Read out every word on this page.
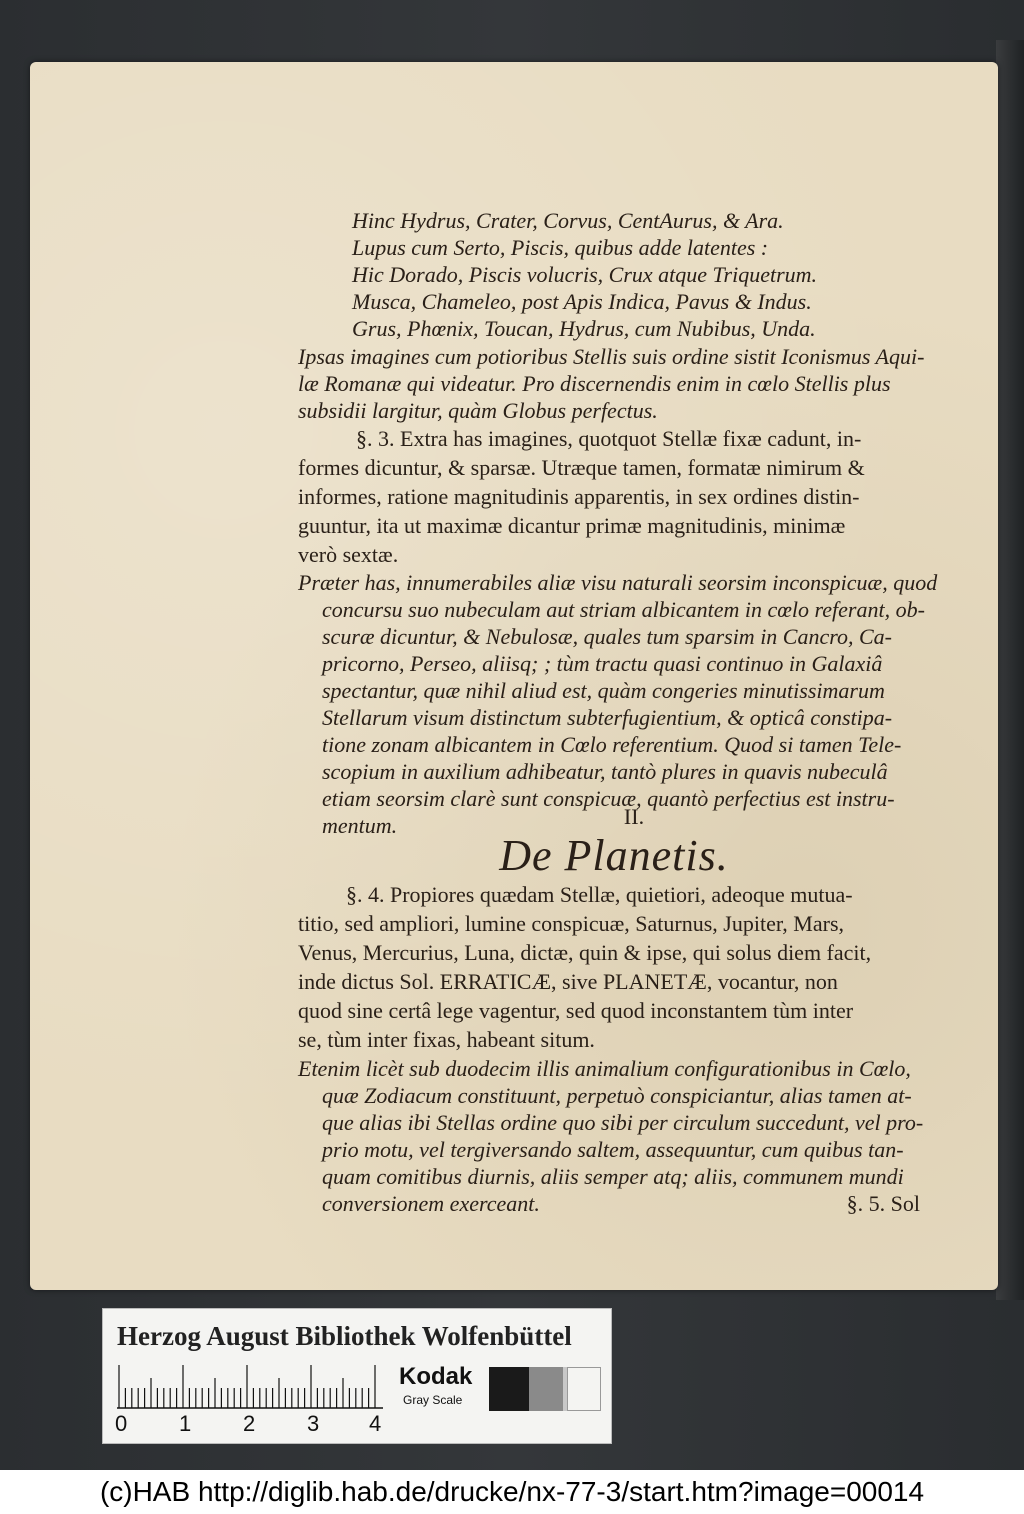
Hinc Hydrus, Crater, Corvus, CentAurus, & Ara.
Lupus cum Serto, Piscis, quibus adde latentes :
Hic Dorado, Piscis volucris, Crux atque Triquetrum.
Musca, Chameleo, post Apis Indica, Pavus & Indus.
Grus, Phœnix, Toucan, Hydrus, cum Nubibus, Unda.
Ipsas imagines cum potioribus Stellis suis ordine sistit Iconismus Aqui-
læ Romanæ qui videatur. Pro discernendis enim in cœlo Stellis plus
subsidii largitur, quàm Globus perfectus.
§. 3. Extra has imagines, quotquot Stellæ fixæ cadunt, in-
formes dicuntur, & sparsæ. Utræque tamen, formatæ nimirum &
informes, ratione magnitudinis apparentis, in sex ordines distin-
guuntur, ita ut maximæ dicantur primæ magnitudinis, minimæ
verò sextæ.
Præter has, innumerabiles aliæ visu naturali seorsim inconspicuæ, quod
concursu suo nubeculam aut striam albicantem in cœlo referant, ob-
scuræ dicuntur, & Nebulosæ, quales tum sparsim in Cancro, Ca-
pricorno, Perseo, aliisq; ; tùm tractu quasi continuo in Galaxiâ
spectantur, quæ nihil aliud est, quàm congeries minutissimarum
Stellarum visum distinctum subterfugientium, & opticâ constipa-
tione zonam albicantem in Cœlo referentium. Quod si tamen Tele-
scopium in auxilium adhibeatur, tantò plures in quavis nubeculâ
etiam seorsim clarè sunt conspicuæ, quantò perfectius est instru-
mentum.	II.
De Planetis.
§. 4. Propiores quædam Stellæ, quietiori, adeoque mutua-
titio, sed ampliori, lumine conspicuæ, Saturnus, Jupiter, Mars,
Venus, Mercurius, Luna, dictæ, quin & ipse, qui solus diem facit,
inde dictus Sol. ERRATICÆ, sive PLANETÆ, vocantur, non
quod sine certâ lege vagentur, sed quod inconstantem tùm inter
se, tùm inter fixas, habeant situm.
Etenim licèt sub duodecim illis animalium configurationibus in Cœlo,
quæ Zodiacum constituunt, perpetuò conspiciantur, alias tamen at-
que alias ibi Stellas ordine quo sibi per circulum succedunt, vel pro-
prio motu, vel tergiversando saltem, assequuntur, cum quibus tan-
quam comitibus diurnis, aliis semper atq; aliis, communem mundi
conversionem exerceant.	§. 5. Sol
Herzog August Bibliothek Wolfenbüttel
0 1 2 3 4
Kodak
Gray Scale
(c)HAB http://diglib.hab.de/drucke/nx-77-3/start.htm?image=00014
